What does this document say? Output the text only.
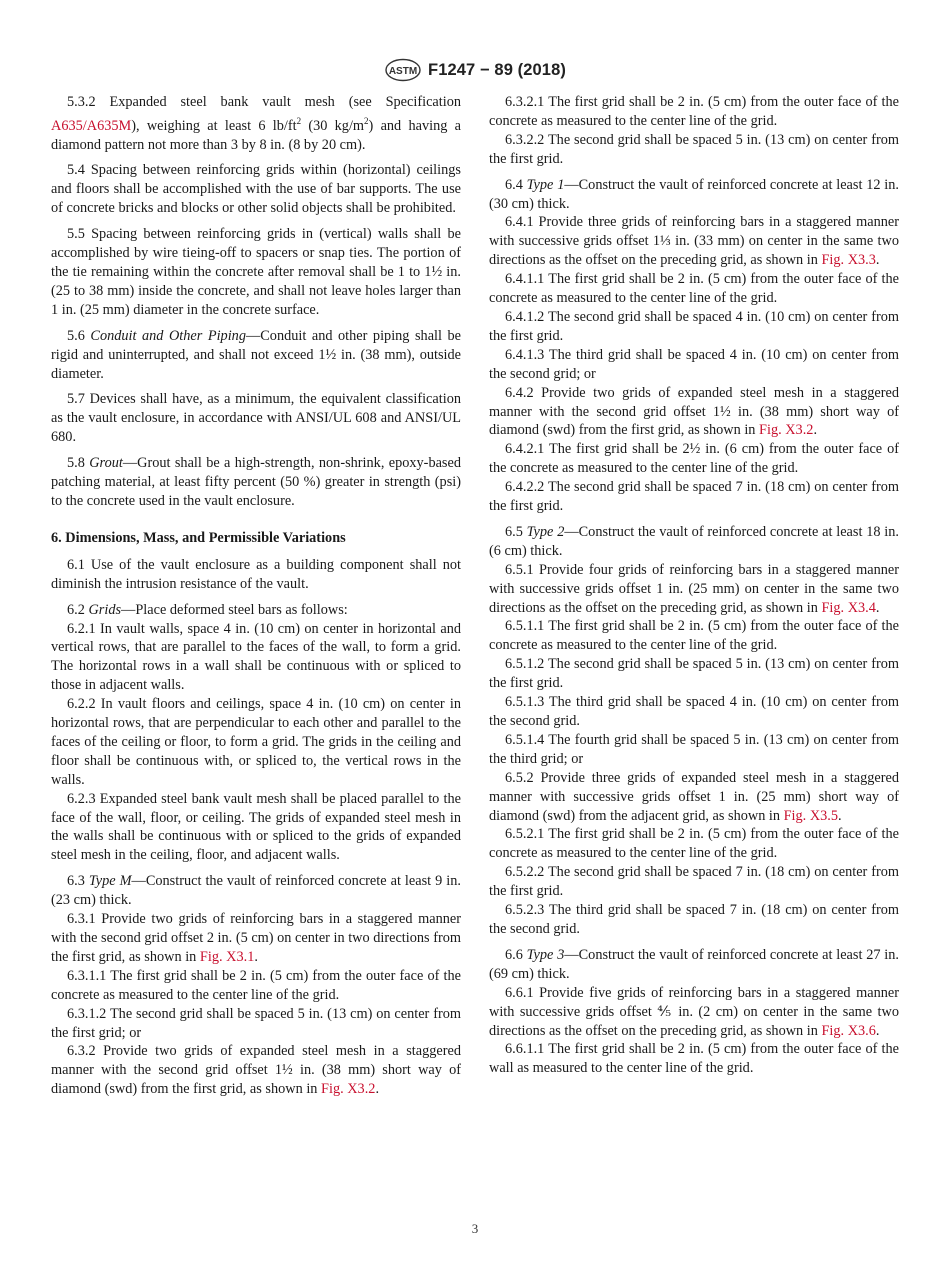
ASTM F1247 − 89 (2018)

5.3.2 Expanded steel bank vault mesh (see Specification A635/A635M), weighing at least 6 $lb/ft^2$ (30 $kg/m^2$) and having a diamond pattern not more than 3 by 8 in. (8 by 20 cm).

5.4 Spacing between reinforcing grids within (horizontal) ceilings and floors shall be accomplished with the use of bar supports. The use of concrete bricks and blocks or other solid objects shall be prohibited.

5.5 Spacing between reinforcing grids in (vertical) walls shall be accomplished by wire tieing-off to spacers or snap ties. The portion of the tie remaining within the concrete after removal shall be 1 to 1½ in. (25 to 38 mm) inside the concrete, and shall not leave holes larger than 1 in. (25 mm) diameter in the concrete surface.

5.6 Conduit and Other Piping—Conduit and other piping shall be rigid and uninterrupted, and shall not exceed 1½ in. (38 mm), outside diameter.

5.7 Devices shall have, as a minimum, the equivalent classification as the vault enclosure, in accordance with ANSI/UL 608 and ANSI/UL 680.

5.8 Grout—Grout shall be a high-strength, non-shrink, epoxy-based patching material, at least fifty percent (50 %) greater in strength (psi) to the concrete used in the vault enclosure.

6. Dimensions, Mass, and Permissible Variations

6.1 Use of the vault enclosure as a building component shall not diminish the intrusion resistance of the vault.

6.2 Grids—Place deformed steel bars as follows:

6.2.1 In vault walls, space 4 in. (10 cm) on center in horizontal and vertical rows, that are parallel to the faces of the wall, to form a grid. The horizontal rows in a wall shall be continuous with or spliced to those in adjacent walls.

6.2.2 In vault floors and ceilings, space 4 in. (10 cm) on center in horizontal rows, that are perpendicular to each other and parallel to the faces of the ceiling or floor, to form a grid. The grids in the ceiling and floor shall be continuous with, or spliced to, the vertical rows in the walls.

6.2.3 Expanded steel bank vault mesh shall be placed parallel to the face of the wall, floor, or ceiling. The grids of expanded steel mesh in the walls shall be continuous with or spliced to the grids of expanded steel mesh in the ceiling, floor, and adjacent walls.

6.3 Type M—Construct the vault of reinforced concrete at least 9 in. (23 cm) thick.

6.3.1 Provide two grids of reinforcing bars in a staggered manner with the second grid offset 2 in. (5 cm) on center in two directions from the first grid, as shown in Fig. X3.1.

6.3.1.1 The first grid shall be 2 in. (5 cm) from the outer face of the concrete as measured to the center line of the grid.

6.3.1.2 The second grid shall be spaced 5 in. (13 cm) on center from the first grid; or

6.3.2 Provide two grids of expanded steel mesh in a staggered manner with the second grid offset 1½ in. (38 mm) short way of diamond (swd) from the first grid, as shown in Fig. X3.2.

6.3.2.1 The first grid shall be 2 in. (5 cm) from the outer face of the concrete as measured to the center line of the grid.

6.3.2.2 The second grid shall be spaced 5 in. (13 cm) on center from the first grid.

6.4 Type 1—Construct the vault of reinforced concrete at least 12 in. (30 cm) thick.

6.4.1 Provide three grids of reinforcing bars in a staggered manner with successive grids offset 1⅓ in. (33 mm) on center in the same two directions as the offset on the preceding grid, as shown in Fig. X3.3.

6.4.1.1 The first grid shall be 2 in. (5 cm) from the outer face of the concrete as measured to the center line of the grid.

6.4.1.2 The second grid shall be spaced 4 in. (10 cm) on center from the first grid.

6.4.1.3 The third grid shall be spaced 4 in. (10 cm) on center from the second grid; or

6.4.2 Provide two grids of expanded steel mesh in a staggered manner with the second grid offset 1½ in. (38 mm) short way of diamond (swd) from the first grid, as shown in Fig. X3.2.

6.4.2.1 The first grid shall be 2½ in. (6 cm) from the outer face of the concrete as measured to the center line of the grid.

6.4.2.2 The second grid shall be spaced 7 in. (18 cm) on center from the first grid.

6.5 Type 2—Construct the vault of reinforced concrete at least 18 in. (6 cm) thick.

6.5.1 Provide four grids of reinforcing bars in a staggered manner with successive grids offset 1 in. (25 mm) on center in the same two directions as the offset on the preceding grid, as shown in Fig. X3.4.

6.5.1.1 The first grid shall be 2 in. (5 cm) from the outer face of the concrete as measured to the center line of the grid.

6.5.1.2 The second grid shall be spaced 5 in. (13 cm) on center from the first grid.

6.5.1.3 The third grid shall be spaced 4 in. (10 cm) on center from the second grid.

6.5.1.4 The fourth grid shall be spaced 5 in. (13 cm) on center from the third grid; or

6.5.2 Provide three grids of expanded steel mesh in a staggered manner with successive grids offset 1 in. (25 mm) short way of diamond (swd) from the adjacent grid, as shown in Fig. X3.5.

6.5.2.1 The first grid shall be 2 in. (5 cm) from the outer face of the concrete as measured to the center line of the grid.

6.5.2.2 The second grid shall be spaced 7 in. (18 cm) on center from the first grid.

6.5.2.3 The third grid shall be spaced 7 in. (18 cm) on center from the second grid.

6.6 Type 3—Construct the vault of reinforced concrete at least 27 in. (69 cm) thick.

6.6.1 Provide five grids of reinforcing bars in a staggered manner with successive grids offset ⅘ in. (2 cm) on center in the same two directions as the offset on the preceding grid, as shown in Fig. X3.6.

6.6.1.1 The first grid shall be 2 in. (5 cm) from the outer face of the wall as measured to the center line of the grid.

3
